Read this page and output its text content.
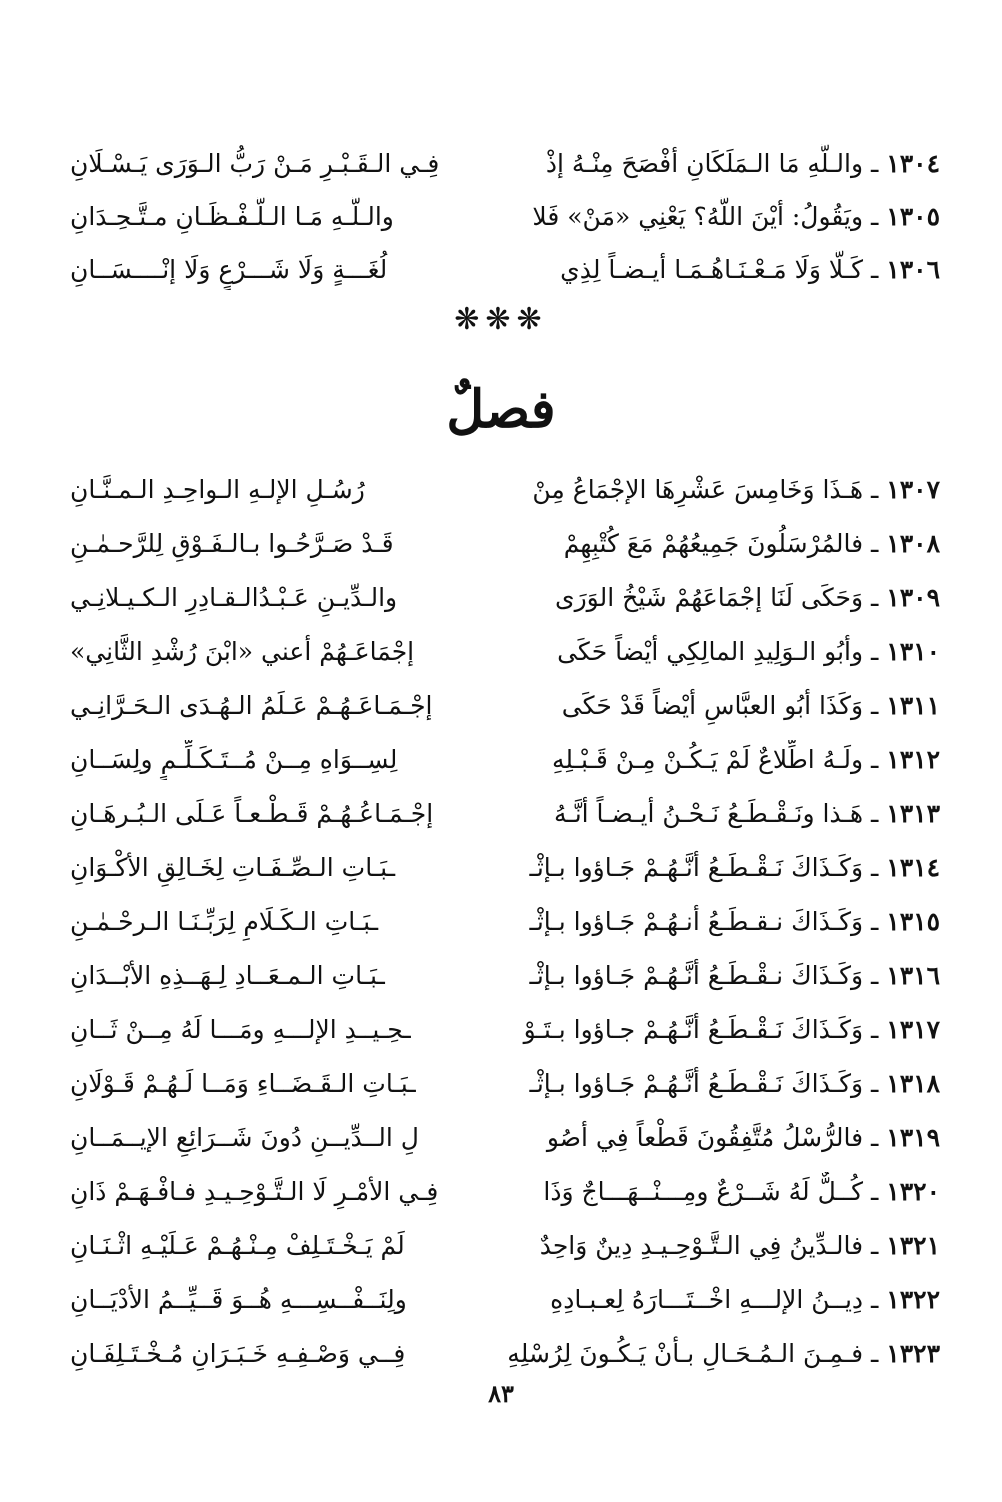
١٣٠٤ ـ والـلَّهِ مَا الـمَلَكَانِ أفْصَحَ مِنْـهُ إذْ
فِـي الـقَـبْـرِ مَـنْ رَبُّ الـوَرَى يَـسْـلَانِ
١٣٠٥ ـ ويَقُولُ: أيْنَ اللَّهُ؟ يَعْنِي «مَنْ» فَلا
والـلَّـهِ مَـا الـلَّـفْـظَـانِ مـتَّـحِـدَانِ
١٣٠٦ ـ كَـلَّا وَلَا مَـعْـنَـاهُـمَـا أيـضـاً لِذِي
لُغَـــةٍ وَلَا شَـــرْعٍ وَلَا إنْــــسَــانِ
❋❋❋
فصلٌ
١٣٠٧ ـ هَـذَا وَخَامِسَ عَشْرِهَا الإجْمَاعُ مِنْ
رُسُـلِ الإلـهِ الـواحِـدِ الـمـنَّـانِ
١٣٠٨ ـ فالمُرْسَلُونَ جَمِيعُهُمْ مَعَ كُتْبِهِمْ
قَـدْ صَـرَّحُـوا بـالـفَـوْقِ لِلرَّحـمٰـنِ
١٣٠٩ ـ وَحَكَى لَنَا إجْمَاعَهُمْ شَيْخُ الوَرَى
والـدِّيـنِ عَـبْـدُالـقـادِرِ الـكـيـلانِـي
١٣١٠ ـ وأبُو الـوَلِيدِ المالِكِي أيْضاً حَكَى
إجْمَاعَـهُمْ أعني «ابْنَ رُشْدِ الثَّانِي»
١٣١١ ـ وَكَذَا أبُو العبَّاسِ أيْضاً قَدْ حَكَى
إجْـمَـاعَـهُـمْ عَـلَمُ الـهُـدَى الـحَـرَّانِـي
١٣١٢ ـ ولَـهُ اطِّلاعٌ لَمْ يَـكُـنْ مِـنْ قَـبْـلِهِ
لِسِــوَاهِ مِــنْ مُــتَـكَـلِّـمٍ ولِسَــانِ
١٣١٣ ـ هَـذا ونَـقْـطَـعُ نَـحْـنُ أيـضـاً أنَّـهُ
إجْـمَـاعُـهُـمْ قَـطْـعـاً عَـلَى الـبُـرهَـانِ
١٣١٤ ـ وَكَـذَاكَ نَـقْـطَـعُ أنَّـهُـمْ جَـاؤوا بـإثْـ
ـبَـاتِ الـصِّـفَـاتِ لِخَـالِقِ الأكْـوَانِ
١٣١٥ ـ وَكَـذَاكَ نـقـطَـعُ أنـهُـمْ جَـاؤوا بـإثْـ
ـبَـاتِ الـكَـلَامِ لِرَبِّـنَـا الـرحْـمٰـنِ
١٣١٦ ـ وَكَـذَاكَ نـقْـطَـعُ أنَّـهُـمْ جَـاؤوا بـإثْـ
ـبَـاتِ الـمـعَــادِ لِـهَــذِهِ الأبْــدَانِ
١٣١٧ ـ وَكَـذَاكَ نَـقْـطَـعُ أنَّـهُـمْ جـاؤوا بـتَـوْ
ـحِـيــدِ الإلـــهِ ومَـــا لَهُ مِــنْ ثَــانِ
١٣١٨ ـ وَكَـذَاكَ نَـقْـطَـعُ أنَّـهُـمْ جَـاؤوا بـإثْـ
ـبَـاتِ الـقَـضَــاءِ وَمَــا لَـهُـمْ قَـوْلَانِ
١٣١٩ ـ فالرُّسْلُ مُتَّفِقُونَ قَطْعاً فِي أصُو
لِ الــدِّيــنِ دُونَ شَــرَائِعِ الإيــمَــانِ
١٣٢٠ ـ كُــلٌّ لَهُ شَــرْعٌ ومِـــنْــهَـــاجٌ وَذَا
فِـي الأمْـرِ لَا الـتَّـوْحِـيـدِ فـافْـهَـمْ ذَانِ
١٣٢١ ـ فالـدِّينُ فِي الـتَّـوْحِـيـدِ دِينٌ وَاحِدٌ
لَمْ يَـخْـتَـلِفْ مِـنْـهُـمْ عَـلَيْـهِ اثْـنَـانِ
١٣٢٢ ـ دِيــنُ الإلـــهِ اخْــتَـــارَهُ لِعـبـادِهِ
ولِنَــفْــسِـــهِ هُــوَ قَــيِّــمُ الأدْيَــانِ
١٣٢٣ ـ فـمِـنَ الـمُـحَـالِ بـأنْ يَـكُـونَ لِرُسْلِهِ
فِــي وَصْـفِـهِ خَـبَـرَانِ مُـخْـتَـلِفَـانِ
٨٣
